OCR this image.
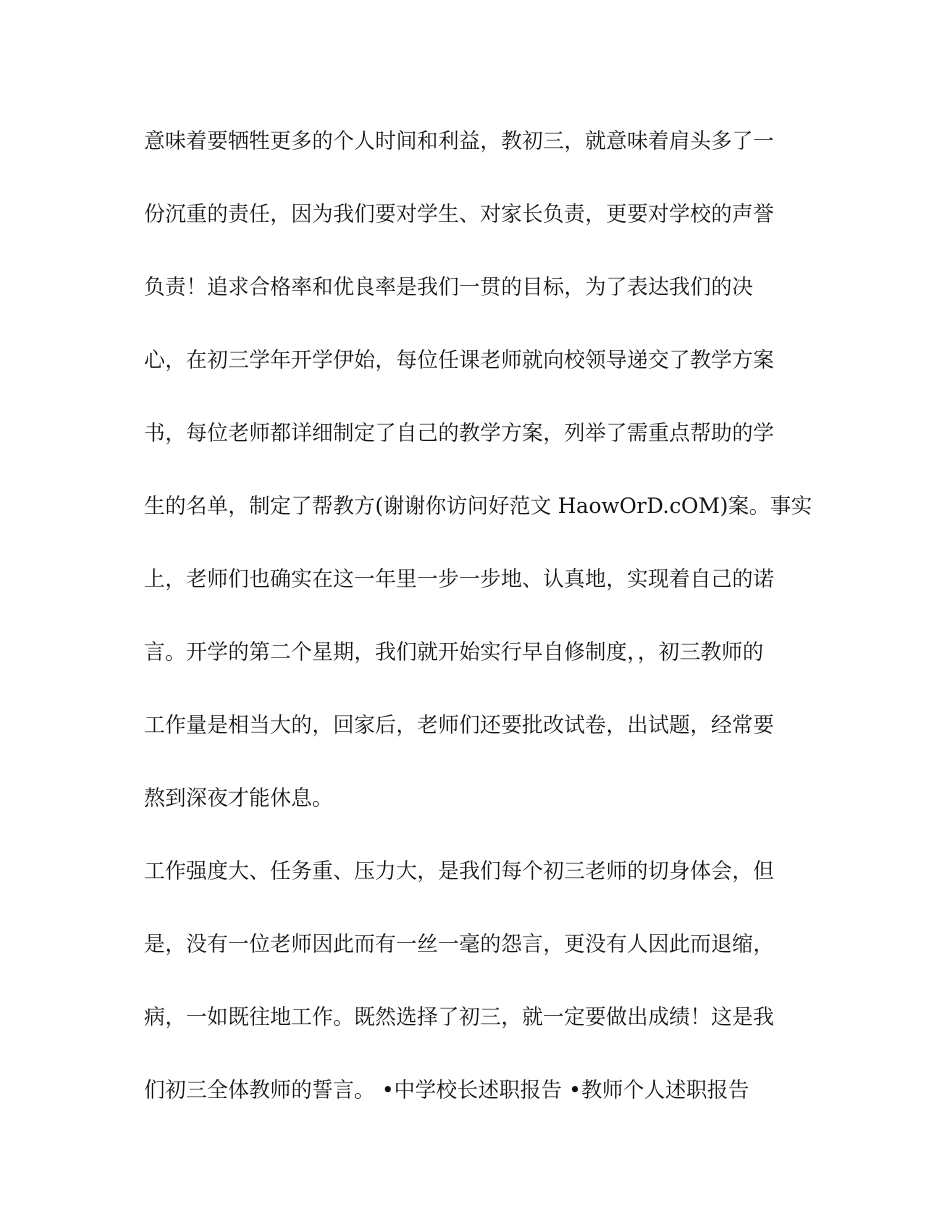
意味着要牺牲更多的个人时间和利益，教初三，就意味着肩头多了一
份沉重的责任，因为我们要对学生、对家长负责，更要对学校的声誉
负责！追求合格率和优良率是我们一贯的目标，为了表达我们的决
心，在初三学年开学伊始，每位任课老师就向校领导递交了教学方案
书，每位老师都详细制定了自己的教学方案，列举了需重点帮助的学
生的名单，制定了帮教方(谢谢你访问好范文 HaowOrD.cOM)案。事实
上，老师们也确实在这一年里一步一步地、认真地，实现着自己的诺
言。开学的第二个星期，我们就开始实行早自修制度，，初三教师的
工作量是相当大的，回家后，老师们还要批改试卷，出试题，经常要
熬到深夜才能休息。
工作强度大、任务重、压力大，是我们每个初三老师的切身体会，但
是，没有一位老师因此而有一丝一毫的怨言，更没有人因此而退缩，
病，一如既往地工作。既然选择了初三，就一定要做出成绩！这是我
们初三全体教师的誓言。 •中学校长述职报告 •教师个人述职报告
